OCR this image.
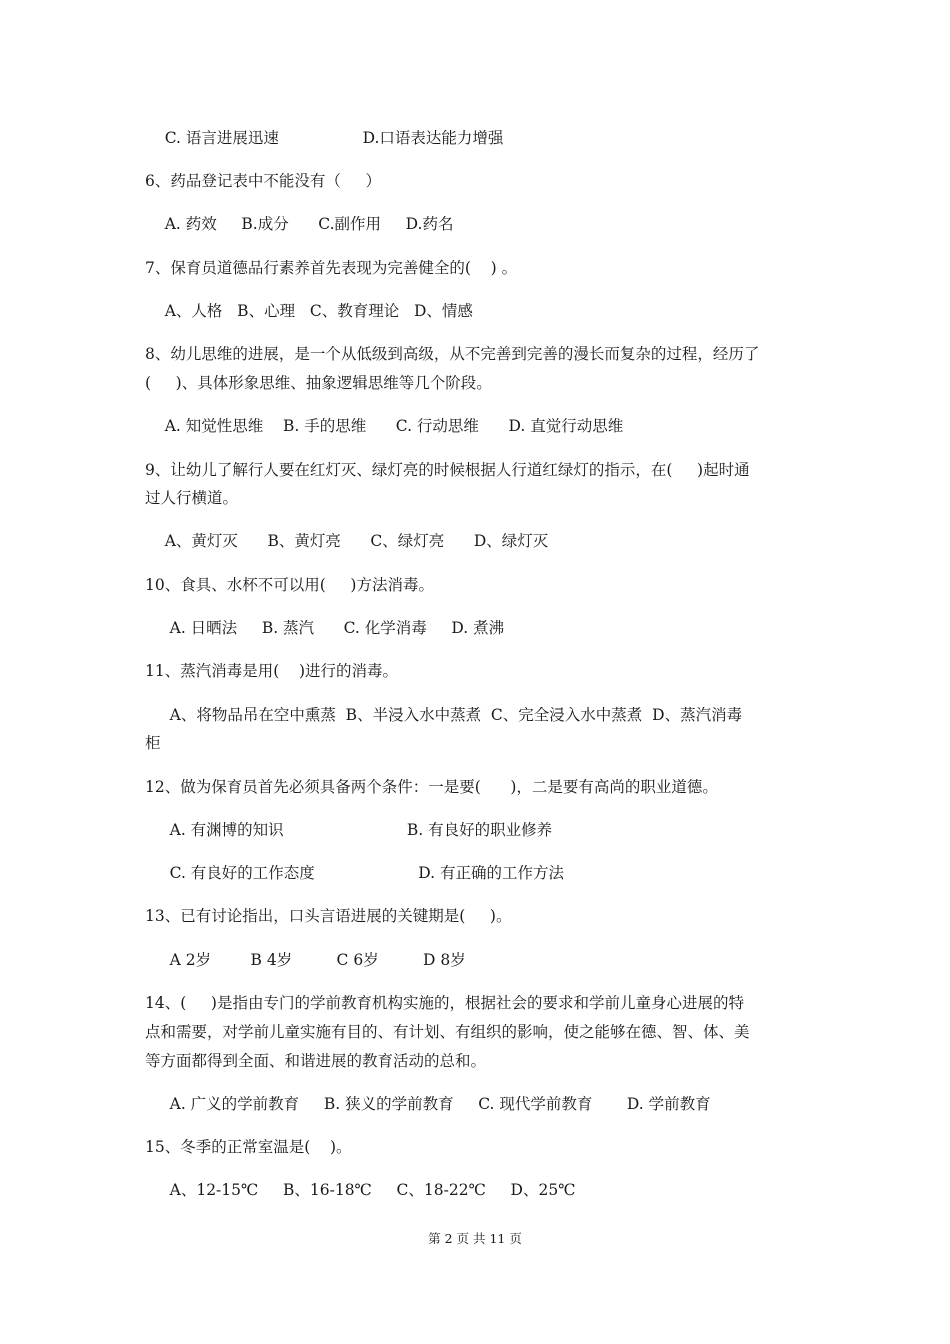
C. 语言进展迅速                 D.口语表达能力增强
6、药品登记表中不能没有（     ）
A. 药效     B.成分      C.副作用     D.药名
7、保育员道德品行素养首先表现为完善健全的(    ) 。
A、人格   B、心理   C、教育理论   D、情感
8、幼儿思维的进展，是一个从低级到高级，从不完善到完善的漫长而复杂的过程，经历了
(     )、具体形象思维、抽象逻辑思维等几个阶段。
A. 知觉性思维    B. 手的思维      C. 行动思维      D. 直觉行动思维
9、让幼儿了解行人要在红灯灭、绿灯亮的时候根据人行道红绿灯的指示，在(     )起时通
过人行横道。
A、黄灯灭      B、黄灯亮      C、绿灯亮      D、绿灯灭
10、食具、水杯不可以用(     )方法消毒。
A. 日晒法     B. 蒸汽      C. 化学消毒     D. 煮沸
11、蒸汽消毒是用(    )进行的消毒。
A、将物品吊在空中熏蒸  B、半浸入水中蒸煮  C、完全浸入水中蒸煮  D、蒸汽消毒
柜
12、做为保育员首先必须具备两个条件：一是要(      )，二是要有高尚的职业道德。
A. 有渊博的知识                         B. 有良好的职业修养
C. 有良好的工作态度                     D. 有正确的工作方法
13、已有讨论指出，口头言语进展的关键期是(     )。
A 2岁        B 4岁         C 6岁         D 8岁
14、(     )是指由专门的学前教育机构实施的，根据社会的要求和学前儿童身心进展的特
点和需要，对学前儿童实施有目的、有计划、有组织的影响，使之能够在德、智、体、美
等方面都得到全面、和谐进展的教育活动的总和。
A. 广义的学前教育     B. 狭义的学前教育     C. 现代学前教育       D. 学前教育
15、冬季的正常室温是(    )。
A、12-15℃     B、16-18℃     C、18-22℃     D、25℃
第 2 页 共 11 页
